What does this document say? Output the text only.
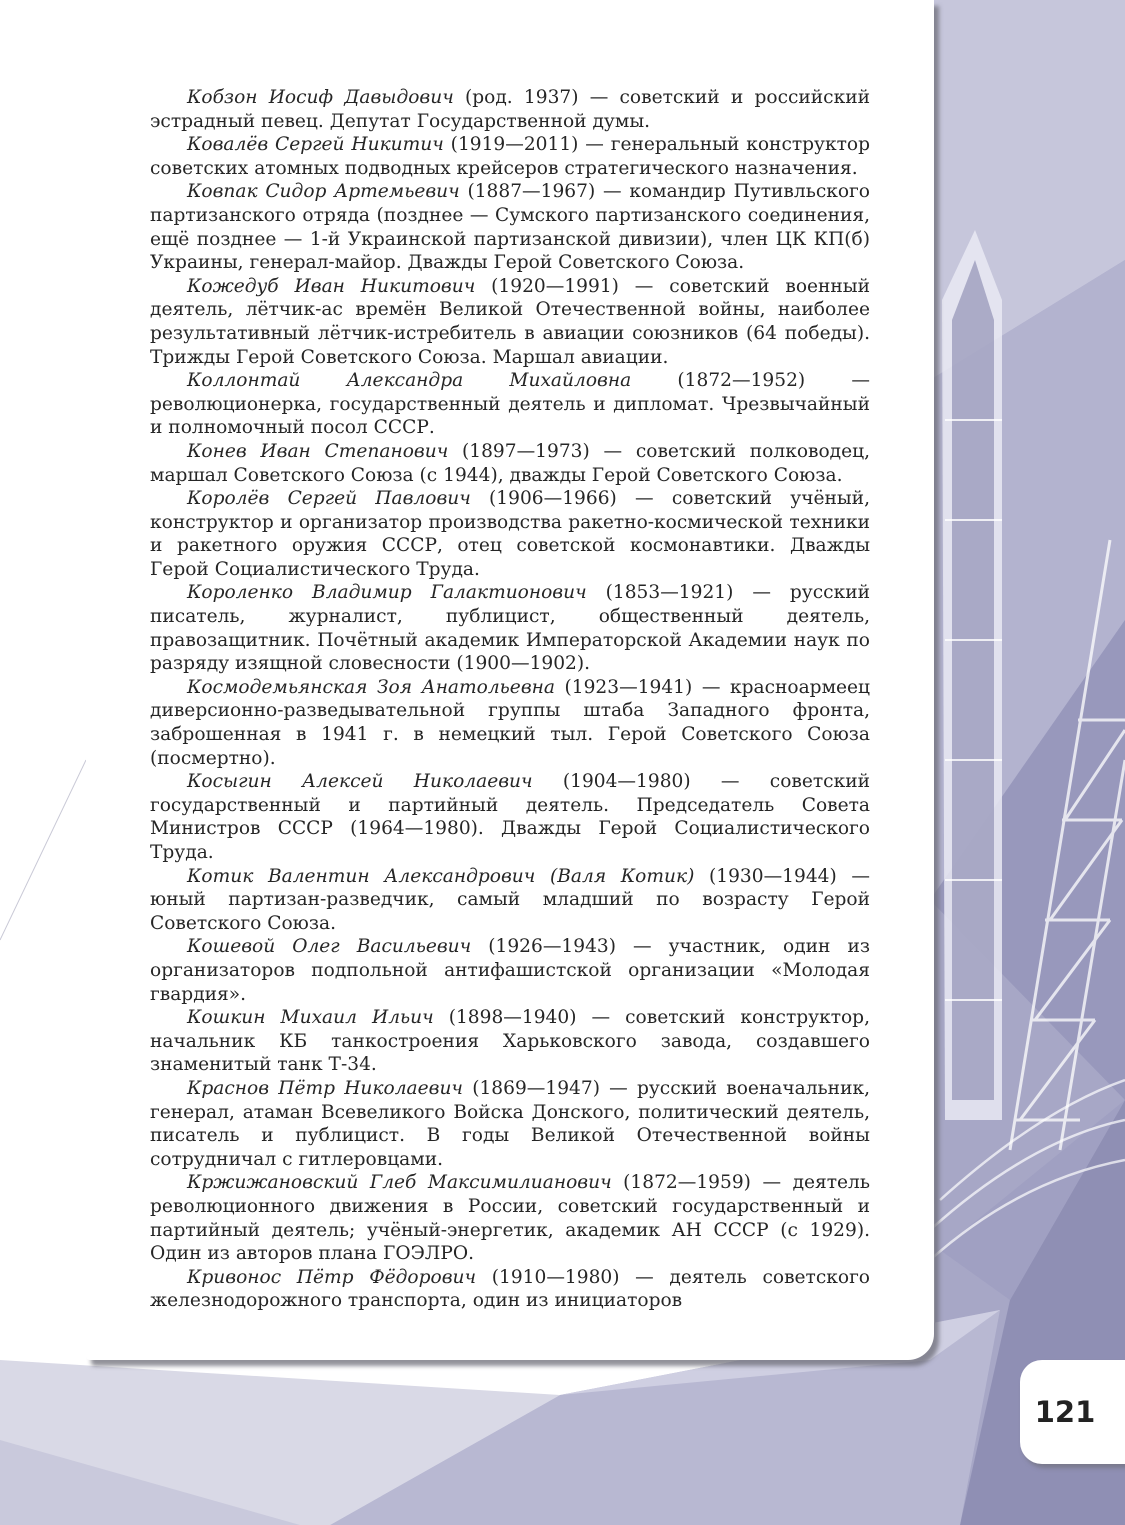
Кобзон Иосиф Давыдович (род. 1937) — советский и российский эстрадный певец. Депутат Государственной думы.

Ковалёв Сергей Никитич (1919—2011) — генеральный конструктор советских атомных подводных крейсеров стратегического назначения.

Ковпак Сидор Артемьевич (1887—1967) — командир Путивльского партизанского отряда (позднее — Сумского партизанского соединения, ещё позднее — 1-й Украинской партизанской дивизии), член ЦК КП(б) Украины, генерал-майор. Дважды Герой Советского Союза.

Кожедуб Иван Никитович (1920—1991) — советский военный деятель, лётчик-ас времён Великой Отечественной войны, наиболее результативный лётчик-истребитель в авиации союзников (64 победы). Трижды Герой Советского Союза. Маршал авиации.

Коллонтай Александра Михайловна (1872—1952) — революционерка, государственный деятель и дипломат. Чрезвычайный и полномочный посол СССР.

Конев Иван Степанович (1897—1973) — советский полководец, маршал Советского Союза (с 1944), дважды Герой Советского Союза.

Королёв Сергей Павлович (1906—1966) — советский учёный, конструктор и организатор производства ракетно-космической техники и ракетного оружия СССР, отец советской космонавтики. Дважды Герой Социалистического Труда.

Короленко Владимир Галактионович (1853—1921) — русский писатель, журналист, публицист, общественный деятель, правозащитник. Почётный академик Императорской Академии наук по разряду изящной словесности (1900—1902).

Космодемьянская Зоя Анатольевна (1923—1941) — красноармеец диверсионно-разведывательной группы штаба Западного фронта, заброшенная в 1941 г. в немецкий тыл. Герой Советского Союза (посмертно).

Косыгин Алексей Николаевич (1904—1980) — советский государственный и партийный деятель. Председатель Совета Министров СССР (1964—1980). Дважды Герой Социалистического Труда.

Котик Валентин Александрович (Валя Котик) (1930—1944) — юный партизан-разведчик, самый младший по возрасту Герой Советского Союза.

Кошевой Олег Васильевич (1926—1943) — участник, один из организаторов подпольной антифашистской организации «Молодая гвардия».

Кошкин Михаил Ильич (1898—1940) — советский конструктор, начальник КБ танкостроения Харьковского завода, создавшего знаменитый танк Т-34.

Краснов Пётр Николаевич (1869—1947) — русский военачальник, генерал, атаман Всевеликого Войска Донского, политический деятель, писатель и публицист. В годы Великой Отечественной войны сотрудничал с гитлеровцами.

Кржижановский Глеб Максимилианович (1872—1959) — деятель революционного движения в России, советский государственный и партийный деятель; учёный-энергетик, академик АН СССР (с 1929). Один из авторов плана ГОЭЛРО.

Кривонос Пётр Фёдорович (1910—1980) — деятель советского железнодорожного транспорта, один из инициаторов

121
